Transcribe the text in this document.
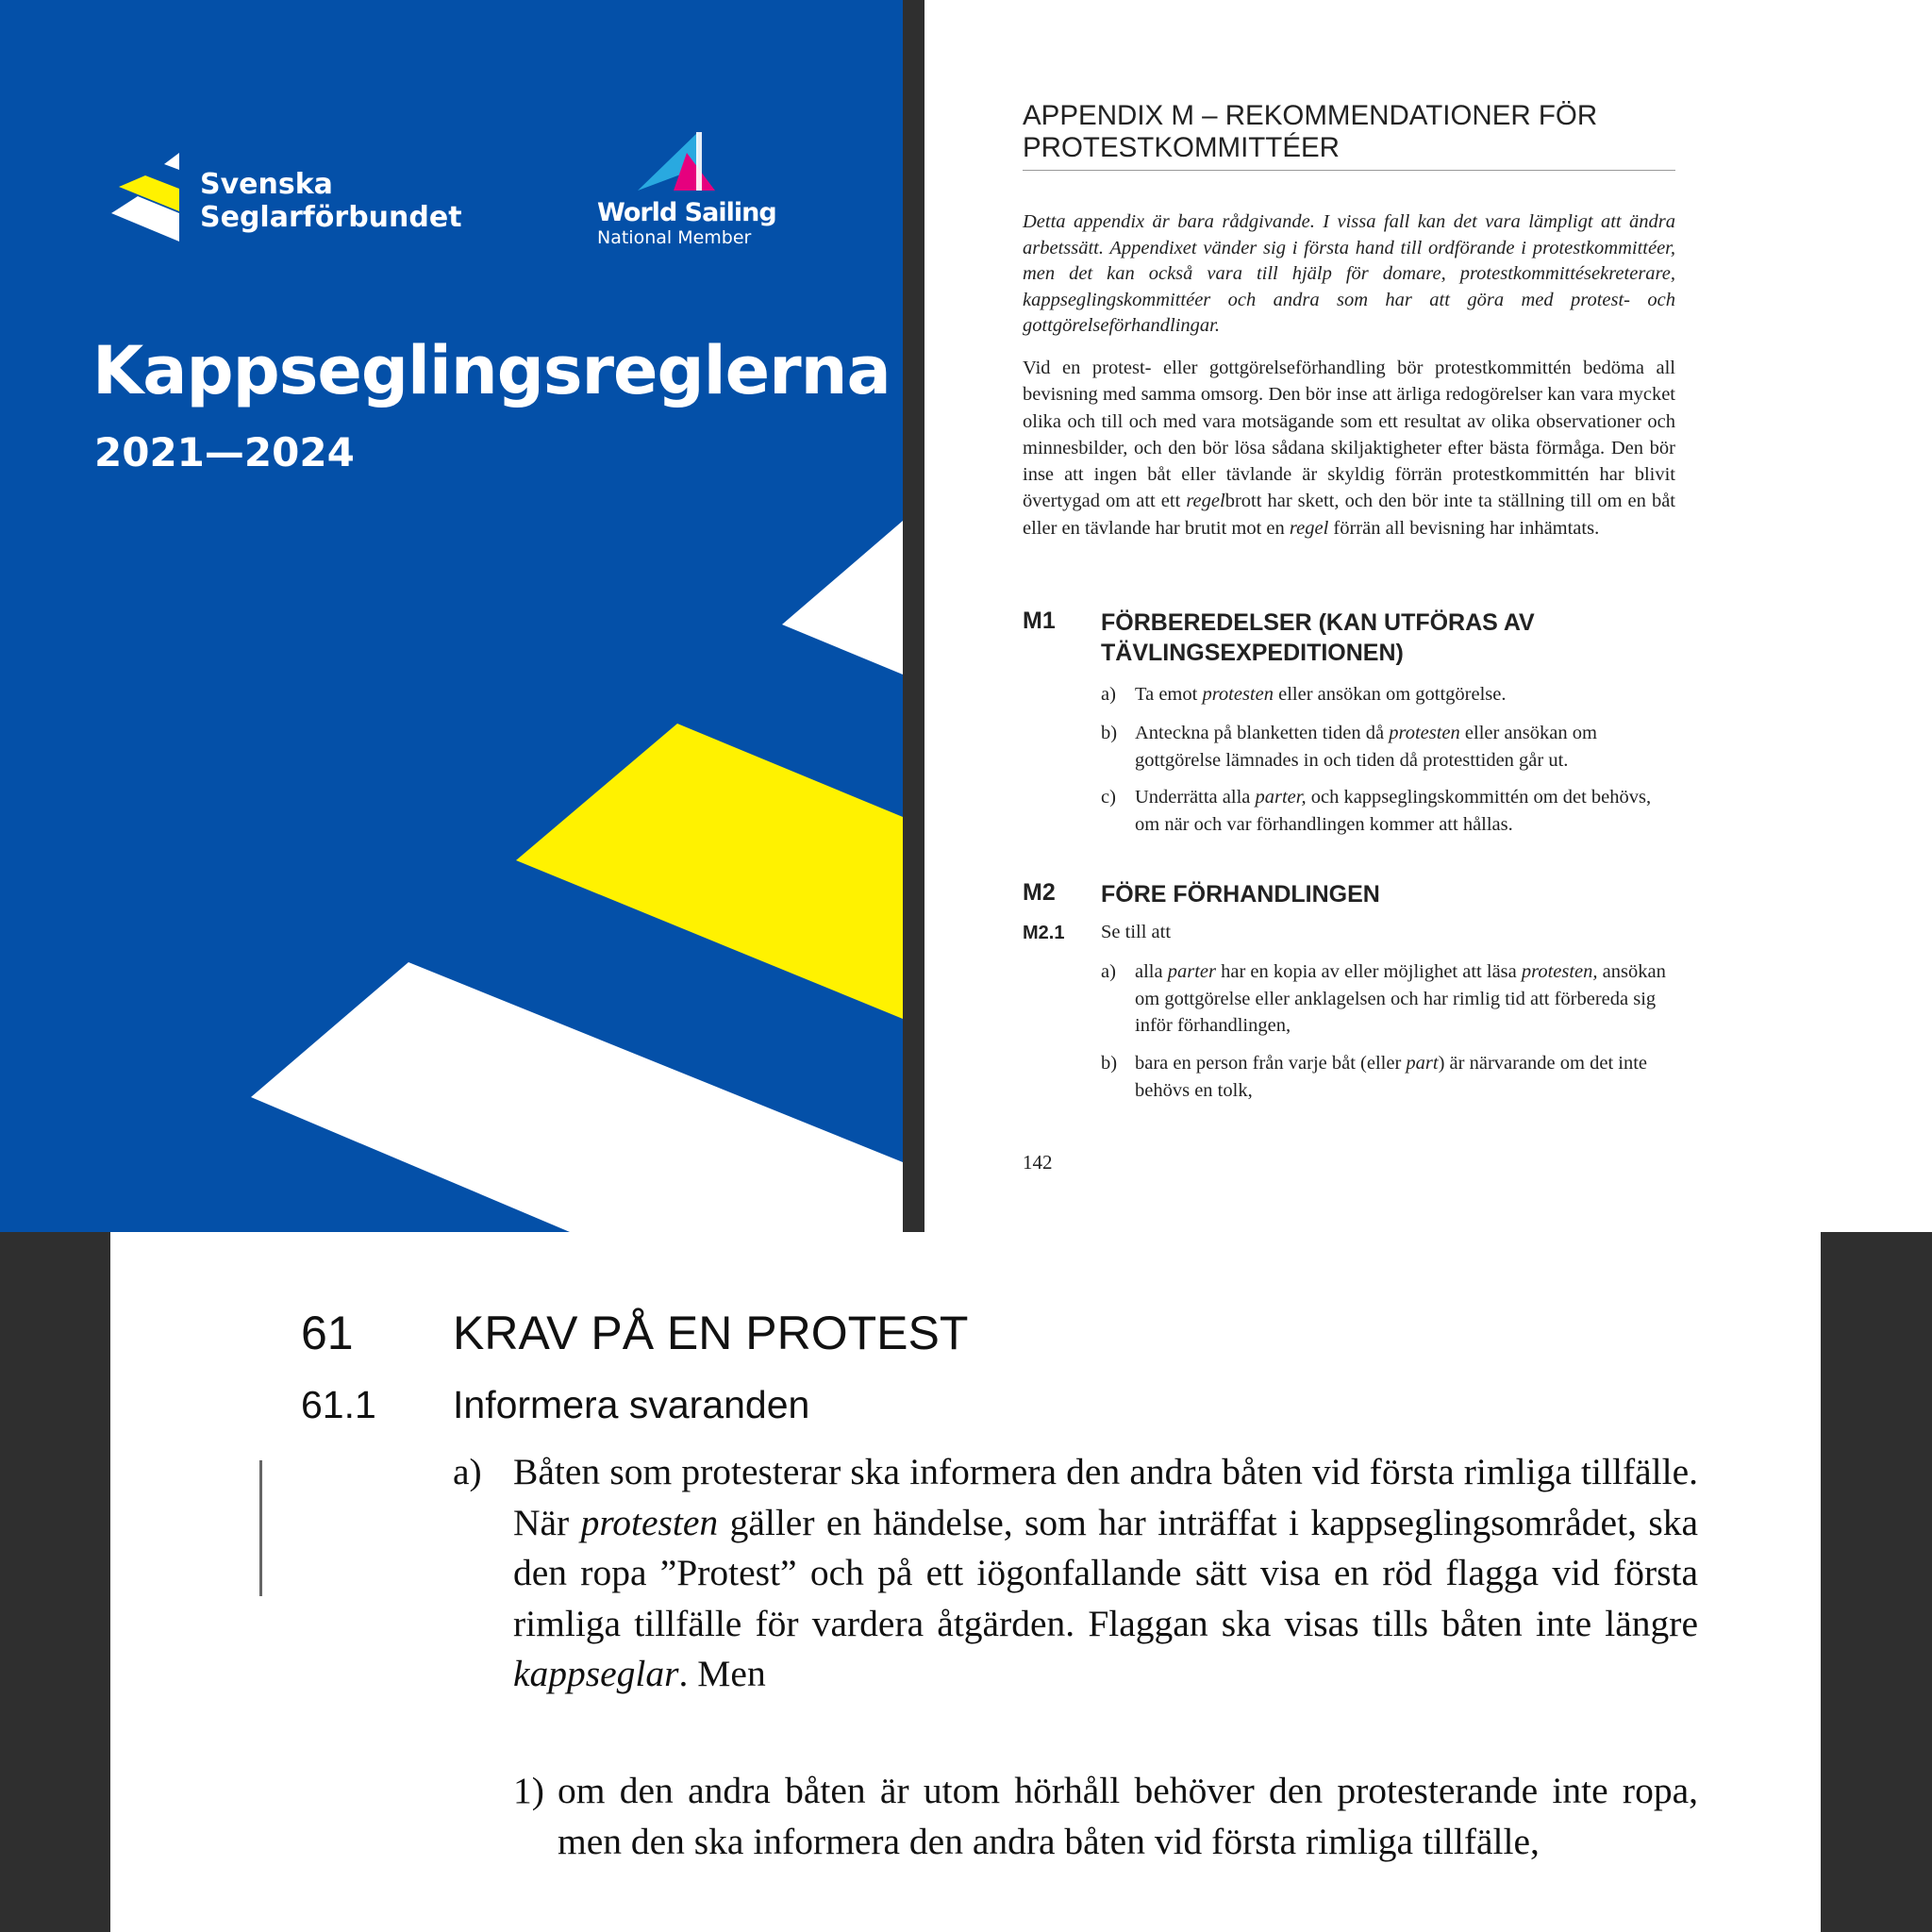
Svenska
Seglarförbundet	World Sailing
National Member
Kappseglingsreglerna
2021—2024
APPENDIX M – REKOMMENDATIONER FÖR PROTESTKOMMITTÉER
Detta appendix är bara rådgivande. I vissa fall kan det vara lämpligt att ändra arbetssätt. Appendixet vänder sig i första hand till ordförande i protestkommittéer, men det kan också vara till hjälp för domare, protestkommittésekreterare, kappseglingskommittéer och andra som har att göra med protest- och gottgörelseförhandlingar.
Vid en protest- eller gottgörelseförhandling bör protestkommittén bedöma all bevisning med samma omsorg. Den bör inse att ärliga redogörelser kan vara mycket olika och till och med vara motsägande som ett resultat av olika observationer och minnesbilder, och den bör lösa sådana skiljaktigheter efter bästa förmåga. Den bör inse att ingen båt eller tävlande är skyldig förrän protestkommittén har blivit övertygad om att ett regelbrott har skett, och den bör inte ta ställning till om en båt eller en tävlande har brutit mot en regel förrän all bevisning har inhämtats.
M1 FÖRBEREDELSER (KAN UTFÖRAS AV TÄVLINGSEXPEDITIONEN)
a) Ta emot protesten eller ansökan om gottgörelse.
b) Anteckna på blanketten tiden då protesten eller ansökan om gottgörelse lämnades in och tiden då protesttiden går ut.
c) Underrätta alla parter, och kappseglingskommittén om det behövs, om när och var förhandlingen kommer att hållas.
M2 FÖRE FÖRHANDLINGEN
M2.1 Se till att
a) alla parter har en kopia av eller möjlighet att läsa protesten, ansökan om gottgörelse eller anklagelsen och har rimlig tid att förbereda sig inför förhandlingen,
b) bara en person från varje båt (eller part) är närvarande om det inte behövs en tolk,
142
61 KRAV PÅ EN PROTEST
61.1 Informera svaranden
a) Båten som protesterar ska informera den andra båten vid första rimliga tillfälle. När protesten gäller en händelse, som har inträffat i kappseglingsområdet, ska den ropa ”Protest” och på ett iögonfallande sätt visa en röd flagga vid första rimliga tillfälle för vardera åtgärden. Flaggan ska visas tills båten inte längre kappseglar. Men
1) om den andra båten är utom hörhåll behöver den protesterande inte ropa, men den ska informera den andra båten vid första rimliga tillfälle,
